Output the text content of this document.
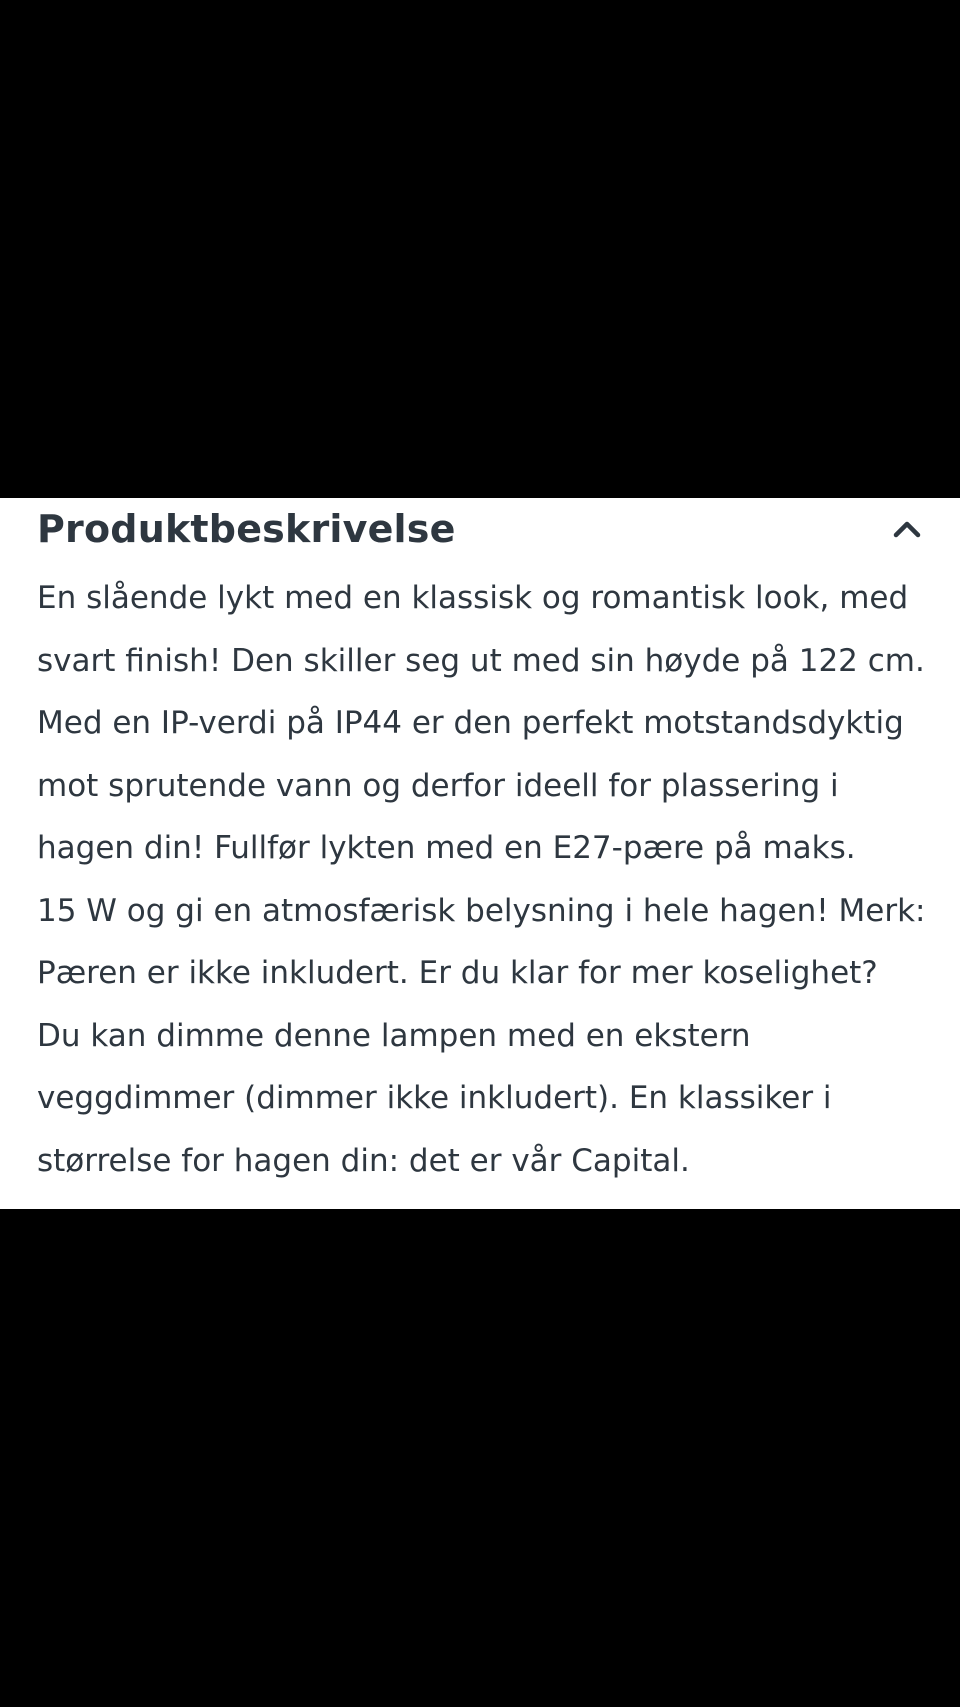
Produktbeskrivelse
En slående lykt med en klassisk og romantisk look, med
svart finish! Den skiller seg ut med sin høyde på 122 cm.
Med en IP-verdi på IP44 er den perfekt motstandsdyktig
mot sprutende vann og derfor ideell for plassering i
hagen din! Fullfør lykten med en E27-pære på maks.
15 W og gi en atmosfærisk belysning i hele hagen! Merk:
Pæren er ikke inkludert. Er du klar for mer koselighet?
Du kan dimme denne lampen med en ekstern
veggdimmer (dimmer ikke inkludert). En klassiker i
størrelse for hagen din: det er vår Capital.
